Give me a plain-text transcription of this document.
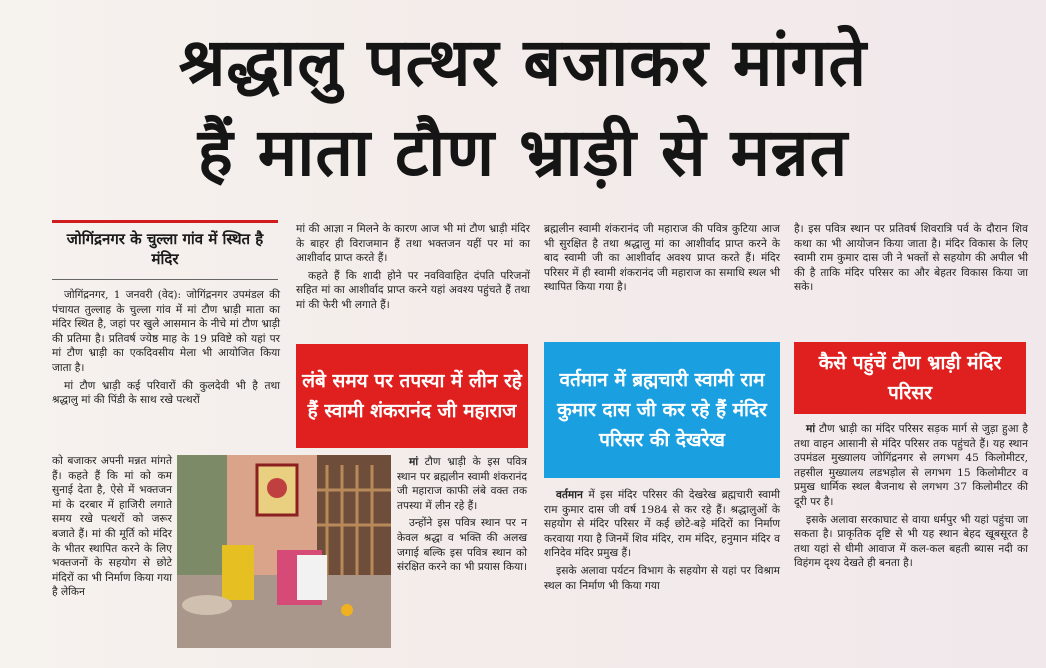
श्रद्धालु पत्थर बजाकर मांगते
हैं माता टौण भ्राड़ी से मन्नत
जोगिंद्रनगर के चुल्ला गांव में स्थित है मंदिर

जोगिंद्रनगर, 1 जनवरी (वेद): जोगिंद्रनगर उपमंडल की पंचायत तुल्लाह के चुल्ला गांव में मां टौण भ्राड़ी माता का मंदिर स्थित है, जहां पर खुले आसमान के नीचे मां टौण भ्राड़ी की प्रतिमा है। प्रतिवर्ष ज्येष्ठ माह के 19 प्रविष्टे को यहां पर मां टौण भ्राड़ी का एकदिवसीय मेला भी आयोजित किया जाता है।

मां टौण भ्राड़ी कई परिवारों की कुलदेवी भी है तथा श्रद्धालु मां की पिंडी के साथ रखे पत्थरों

को बजाकर अपनी मन्नत मांगते हैं। कहते हैं कि मां को कम सुनाई देता है, ऐसे में भक्तजन मां के दरबार में हाजिरी लगाते समय रखे पत्थरों को जरूर बजाते हैं। मां की मूर्ति को मंदिर के भीतर स्थापित करने के लिए भक्तजनों के सहयोग से छोटे मंदिरों का भी निर्माण किया गया है लेकिन

मां की आज्ञा न मिलने के कारण आज भी मां टौण भ्राड़ी मंदिर के बाहर ही विराजमान हैं तथा भक्तजन यहीं पर मां का आशीर्वाद प्राप्त करते हैं।

कहते हैं कि शादी होने पर नवविवाहित दंपति परिजनों सहित मां का आशीर्वाद प्राप्त करने यहां अवश्य पहुंचते हैं तथा मां की फेरी भी लगाते हैं।

लंबे समय पर तपस्या में लीन रहे हैं स्वामी शंकरानंद जी महाराज

मां टौण भ्राड़ी के इस पवित्र स्थान पर ब्रह्मलीन स्वामी शंकरानंद जी महाराज काफी लंबे वक्त तक तपस्या में लीन रहे हैं।

उन्होंने इस पवित्र स्थान पर न केवल श्रद्धा व भक्ति की अलख जगाई बल्कि इस पवित्र स्थान को संरक्षित करने का भी प्रयास किया।

ब्रह्मलीन स्वामी शंकरानंद जी महाराज की पवित्र कुटिया आज भी सुरक्षित है तथा श्रद्धालु मां का आशीर्वाद प्राप्त करने के बाद स्वामी जी का आशीर्वाद अवश्य प्राप्त करते हैं। मंदिर परिसर में ही स्वामी शंकरानंद जी महाराज का समाधि स्थल भी स्थापित किया गया है।

वर्तमान में ब्रह्मचारी स्वामी राम कुमार दास जी कर रहे हैं मंदिर परिसर की देखरेख

वर्तमान में इस मंदिर परिसर की देखरेख ब्रह्मचारी स्वामी राम कुमार दास जी वर्ष 1984 से कर रहे हैं। श्रद्धालुओं के सहयोग से मंदिर परिसर में कई छोटे-बड़े मंदिरों का निर्माण करवाया गया है जिनमें शिव मंदिर, राम मंदिर, हनुमान मंदिर व शनिदेव मंदिर प्रमुख हैं।

इसके अलावा पर्यटन विभाग के सहयोग से यहां पर विश्राम स्थल का निर्माण भी किया गया

है। इस पवित्र स्थान पर प्रतिवर्ष शिवरात्रि पर्व के दौरान शिव कथा का भी आयोजन किया जाता है। मंदिर विकास के लिए स्वामी राम कुमार दास जी ने भक्तों से सहयोग की अपील भी की है ताकि मंदिर परिसर का और बेहतर विकास किया जा सके।

कैसे पहुंचें टौण भ्राड़ी मंदिर परिसर

मां टौण भ्राड़ी का मंदिर परिसर सड़क मार्ग से जुड़ा हुआ है तथा वाहन आसानी से मंदिर परिसर तक पहुंचते हैं। यह स्थान उपमंडल मुख्यालय जोगिंद्रनगर से लगभग 45 किलोमीटर, तहसील मुख्यालय लडभड़ोल से लगभग 15 किलोमीटर व प्रमुख धार्मिक स्थल बैजनाथ से लगभग 37 किलोमीटर की दूरी पर है।

इसके अलावा सरकाघाट से वाया धर्मपुर भी यहां पहुंचा जा सकता है। प्राकृतिक दृष्टि से भी यह स्थान बेहद खूबसूरत है तथा यहां से धीमी आवाज में कल-कल बहती ब्यास नदी का विहंगम दृश्य देखते ही बनता है।
